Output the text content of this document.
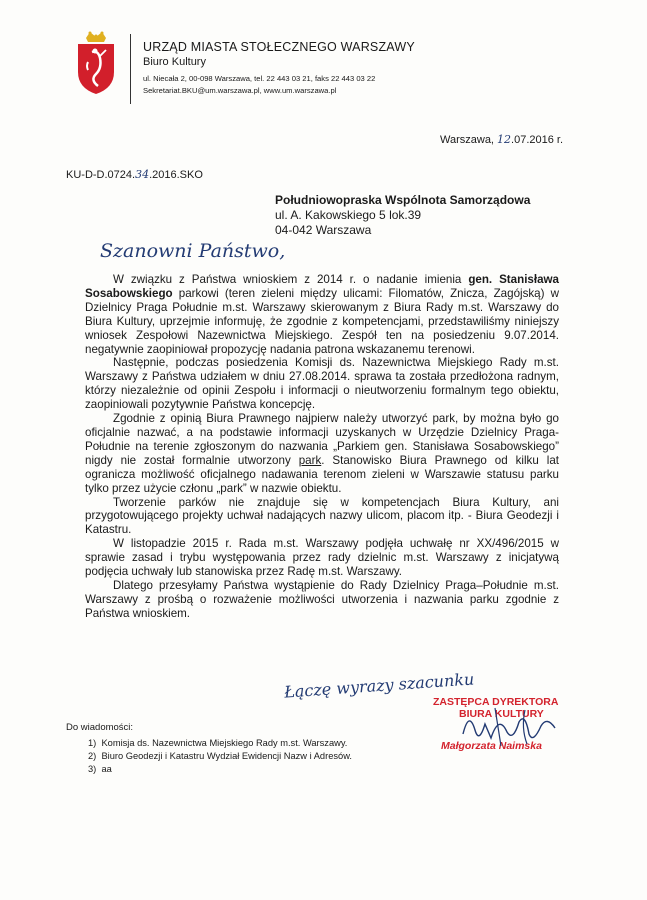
URZĄD MIASTA STOŁECZNEGO WARSZAWY
Biuro Kultury
ul. Niecała 2, 00-098 Warszawa, tel. 22 443 03 21, faks 22 443 03 22
Sekretariat.BKU@um.warszawa.pl, www.um.warszawa.pl
Warszawa, 12.07.2016 r.
KU-D-D.0724.34.2016.SKO
Południowopraska Wspólnota Samorządowa
ul. A. Kakowskiego 5 lok.39
04-042 Warszawa
Szanowni Państwo,

W związku z Państwa wnioskiem z 2014 r. o nadanie imienia gen. Stanisława Sosabowskiego parkowi (teren zieleni między ulicami: Filomatów, Znicza, Zagójską) w Dzielnicy Praga Południe m.st. Warszawy skierowanym z Biura Rady m.st. Warszawy do Biura Kultury, uprzejmie informuję, że zgodnie z kompetencjami, przedstawiliśmy niniejszy wniosek Zespołowi Nazewnictwa Miejskiego. Zespół ten na posiedzeniu 9.07.2014. negatywnie zaopiniował propozycję nadania patrona wskazanemu terenowi.

Następnie, podczas posiedzenia Komisji ds. Nazewnictwa Miejskiego Rady m.st. Warszawy z Państwa udziałem w dniu 27.08.2014. sprawa ta została przedłożona radnym, którzy niezależnie od opinii Zespołu i informacji o nieutworzeniu formalnym tego obiektu, zaopiniowali pozytywnie Państwa koncepcję.

Zgodnie z opinią Biura Prawnego najpierw należy utworzyć park, by można było go oficjalnie nazwać, a na podstawie informacji uzyskanych w Urzędzie Dzielnicy Praga-Południe na terenie zgłoszonym do nazwania „Parkiem gen. Stanisława Sosabowskiego” nigdy nie został formalnie utworzony park. Stanowisko Biura Prawnego od kilku lat ogranicza możliwość oficjalnego nadawania terenom zieleni w Warszawie statusu parku tylko przez użycie członu „park” w nazwie obiektu.

Tworzenie parków nie znajduje się w kompetencjach Biura Kultury, ani przygotowującego projekty uchwał nadających nazwy ulicom, placom itp. - Biura Geodezji i Katastru.

W listopadzie 2015 r. Rada m.st. Warszawy podjęła uchwałę nr XX/496/2015 w sprawie zasad i trybu występowania przez rady dzielnic m.st. Warszawy z inicjatywą podjęcia uchwały lub stanowiska przez Radę m.st. Warszawy.

Dlatego przesyłamy Państwa wystąpienie do Rady Dzielnicy Praga–Południe m.st. Warszawy z prośbą o rozważenie możliwości utworzenia i nazwania parku zgodnie z Państwa wnioskiem.

Łączę wyrazy szacunku
ZASTĘPCA DYREKTORA
BIURA KULTURY
Małgorzata Naimska
Do wiadomości:
1) Komisja ds. Nazewnictwa Miejskiego Rady m.st. Warszawy.
2) Biuro Geodezji i Katastru Wydział Ewidencji Nazw i Adresów.
3) aa
